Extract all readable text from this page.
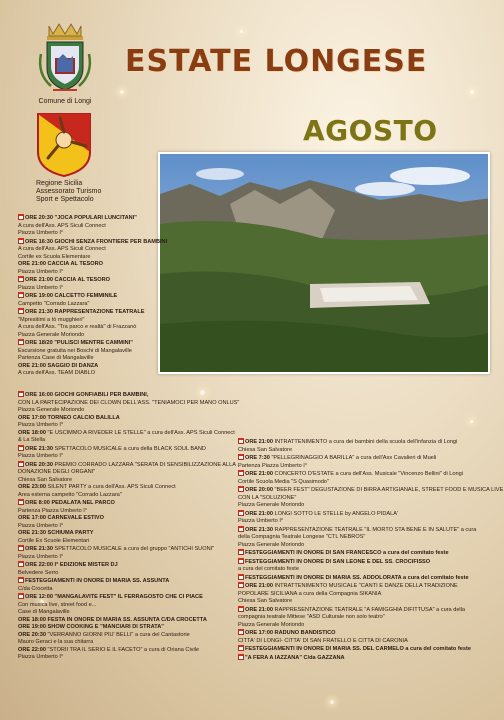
Comune di Longi
Regione Sicilia
Assessorato Turismo
Sport e Spettacolo
ESTATE LONGESE
AGOSTO
ORE 20:30 "JOCA POPULARI LUNCITANI"
A cura dell'Ass. APS Siculi Connect
Piazza Umberto I°
ORE 16:30 GIOCHI SENZA FRONTIERE PER BAMBINI
A cura dell'Ass. APS Siculi Connect
Cortile ex Scuola Elementare
ORE 21:00 CACCIA AL TESORO
Piazza Umberto I°
ORE 21:00 CACCIA AL TESORO
Piazza Umberto I°
ORE 19:00 CALCETTO FEMMINILE
Campetto "Corrado Lazzara"
ORE 21:30 RAPPRESENTAZIONE TEATRALE
"Mpresitimi a tò mugghieri"
A cura dell'Ass. "Tra parco e realtà" di Frazzanò
Piazza Generale Moriondo
ORE 18/20 "PULISCI MENTRE CAMMINI"
Escursione gratuita nei Boschi di Mangalaville
Partenza Case di Mangalaville
ORE 21:00 SAGGIO DI DANZA
A cura dell'Ass. TEAM DIABLO
ORE 16:00 GIOCHI GONFIABILI PER BAMBINI,
CON LA PARTECIPAZIONE DEI CLOWN DELL'ASS. "TENIAMOCI PER MANO ONLUS"
Piazza Generale Moriondo
ORE 17:00 TORNEO CALCIO BALILLA
Piazza Umberto I°
ORE 18:00 "E USCIMMO A RIVEDER LE STELLE" a cura dell'Ass. APS Siculi Connect
& La Stella
ORE 21:30 SPETTACOLO MUSICALE a cura della BLACK SOUL BAND
Piazza Umberto I°
ORE 20:30 PREMIO CORRADO LAZZARA "SERATA DI SENSIBILIZZAZIONE ALLA
DONAZIONE DEGLI ORGANI"
Chiesa San Salvatore
ORE 23:00 SILENT PARTY a cura dell'Ass. APS Siculi Connect
Area esterna campetto "Corrado Lazzara"
ORE 8:00 PEDALATA NEL PARCO
Partenza Piazza Umberto I°
ORE 17:00 CARNEVALE ESTIVO
Piazza Umberto I°
ORE 21:30 SCHIUMA PARTY
Cortile Ex Scuole Elementari
ORE 21:30 SPETTACOLO MUSICALE a cura del gruppo "ANTICHI SUONI"
Piazza Umberto I°
ORE 22:00 I° EDIZIONE MISTER DJ
Belvedere Serro
FESTEGGIAMENTI IN ONORE DI MARIA SS. ASSUNTA
C/da Crocetta
ORE 12:00 "MANGALAVITE FEST" IL FERRAGOSTO CHE CI PIACE
Con musica live, street food e...
Case di Mangalaville
ORE 18:00 FESTA IN ONORE DI MARIA SS. ASSUNTA C/DA CROCETTA
ORE 19:00 SHOW COOKING E "MANCIARI DI STRATA"
ORE 20:30 "VERRANNO GIORNI PIU' BELLI" a cura del Cantastorie
Mauro Geraci e la sua chitarra
ORE 22:00 "STORII TRA IL SERIO E IL FACETO" a cura di Oriana Civile
Piazza Umberto I°
ORE 21:00 INTRATTENIMENTO a cura dei bambini della scuola dell'infanzia di Longi
Chiesa San Salvatore
ORE 7:30 "PELLEGRINAGGIO A BARILLA" a cura dell'Ass Cavalieri di Mueli
Partenza Piazza Umberto I°
ORE 21:00 CONCERTO D'ESTATE a cura dell'Ass. Musicale "Vincenzo Bellini" di Longi
Cortile Scuola Media "S Quasimodo"
ORE 20:00 "BEER FEST" DEGUSTAZIONE DI BIRRA ARTIGIANALE, STREET FOOD E MUSICA LIVE
CON LA "SOLUZIONE"
Piazza Generale Moriondo
ORE 21:00 LONGI SOTTO LE STELLE by ANGELO PIDALA'
Piazza Umberto I°
ORE 21:30 RAPPRESENTAZIONE TEATRALE "IL MORTO STA BENE E IN SALUTE" a cura
della Compagnia Teatrale Longese "CTL NEBROS"
Piazza Generale Moriondo
FESTEGGIAMENTI IN ONORE DI SAN FRANCESCO a cura del comitato feste
FESTEGGIAMENTI IN ONORE DI SAN LEONE E DEL SS. CROCIFISSO
a cura del comitato feste
FESTEGGIAMENTI IN ONORE DI MARIA SS. ADDOLORATA a cura del comitato feste
ORE 21:00 INTRATTENIMENTO MUSICALE "CANTI E DANZE DELLA TRADIZIONE
POPOLARE SICILIANA a cura della Compagnia SIKANIA
Chiesa San Salvatore
ORE 21:00 RAPPRESENTAZIONE TEATRALE "A FAMIGGHIA DIFITTUSA" a cura della
compagnia teatrale Mittese "ASD Culturale non solo teatro"
Piazza Generale Moriondo
ORE 17:00 RADUNO BANDISTICO
CITTA' DI LONGI- CITTA' DI SAN FRATELLO E CITTA DI CARONIA
FESTEGGIAMENTI IN ONORE DI MARIA SS. DEL CARMELO a cura del comitato feste
"A FERA A IAZZANA" C/da GAZZANA
